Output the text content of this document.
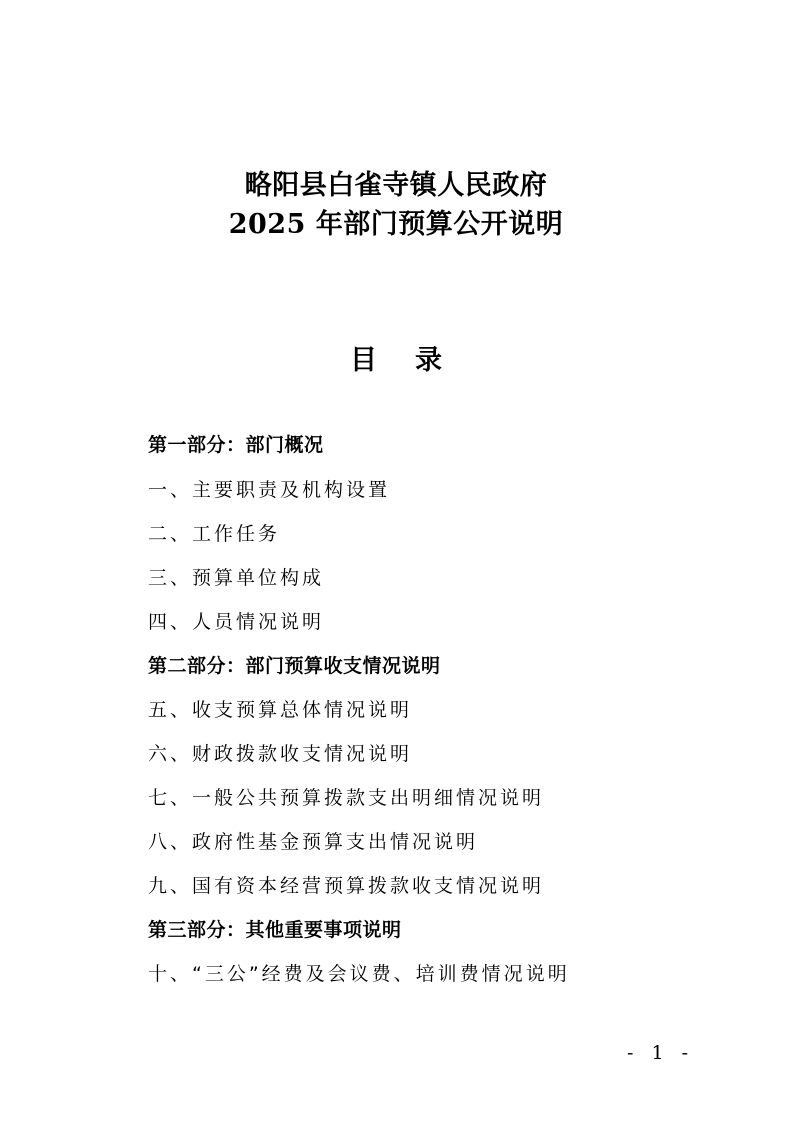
略阳县白雀寺镇人民政府
2025 年部门预算公开说明
目录
第一部分：部门概况
一、主要职责及机构设置
二、工作任务
三、预算单位构成
四、人员情况说明
第二部分：部门预算收支情况说明
五、收支预算总体情况说明
六、财政拨款收支情况说明
七、一般公共预算拨款支出明细情况说明
八、政府性基金预算支出情况说明
九、国有资本经营预算拨款收支情况说明
第三部分：其他重要事项说明
十、“三公”经费及会议费、培训费情况说明
- 1 -
